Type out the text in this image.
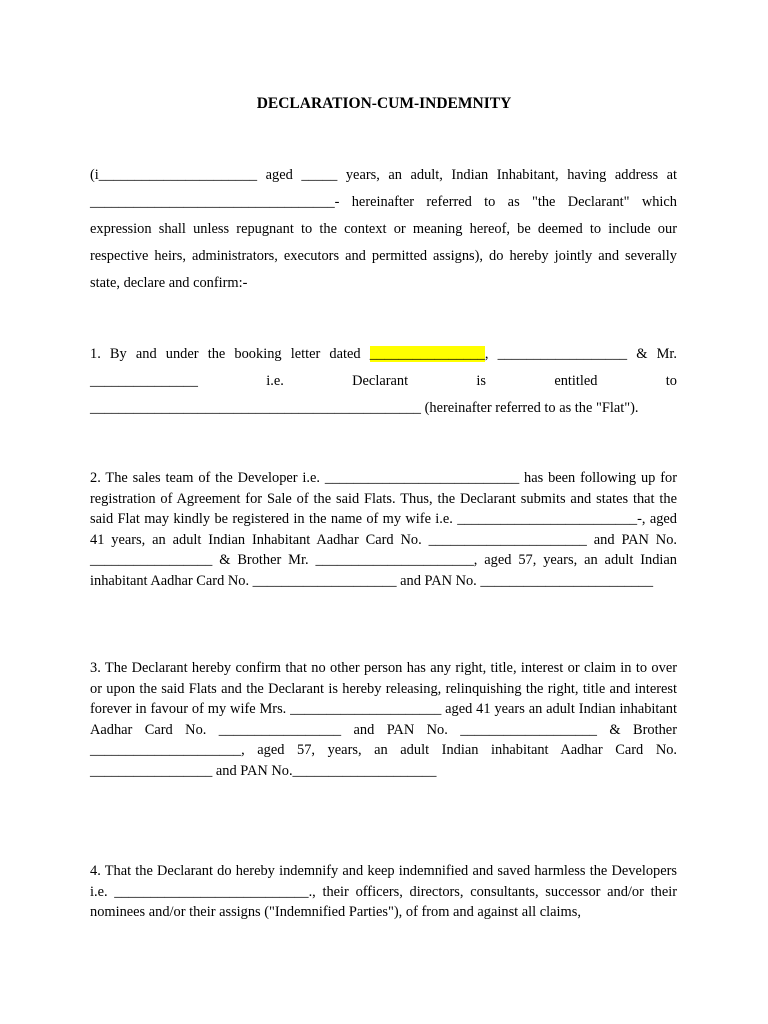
DECLARATION-CUM-INDEMNITY

(i______________________ aged _____ years, an adult, Indian Inhabitant, having address at __________________________________- hereinafter referred to as "the Declarant" which expression shall unless repugnant to the context or meaning hereof, be deemed to include our respective heirs, administrators, executors and permitted assigns), do hereby jointly and severally state, declare and confirm:-

1. By and under the booking letter dated ________________, __________________ & Mr. _______________ i.e. Declarant is entitled to ______________________________________________ (hereinafter referred to as the "Flat").

2. The sales team of the Developer i.e. ___________________________ has been following up for registration of Agreement for Sale of the said Flats. Thus, the Declarant submits and states that the said Flat may kindly be registered in the name of my wife i.e. _________________________-, aged 41 years, an adult Indian Inhabitant Aadhar Card No. ______________________ and PAN No. _________________ & Brother Mr. ______________________, aged 57, years, an adult Indian inhabitant Aadhar Card No. ____________________ and PAN No. ________________________

3. The Declarant hereby confirm that no other person has any right, title, interest or claim in to over or upon the said Flats and the Declarant is hereby releasing, relinquishing the right, title and interest forever in favour of my wife Mrs. _____________________ aged 41 years an adult Indian inhabitant Aadhar Card No. _________________ and PAN No. ___________________ & Brother _____________________, aged 57, years, an adult Indian inhabitant Aadhar Card No. _________________ and PAN No.____________________

4. That the Declarant do hereby indemnify and keep indemnified and saved harmless the Developers i.e. ___________________________., their officers, directors, consultants, successor and/or their nominees and/or their assigns ("Indemnified Parties"), of from and against all claims,
